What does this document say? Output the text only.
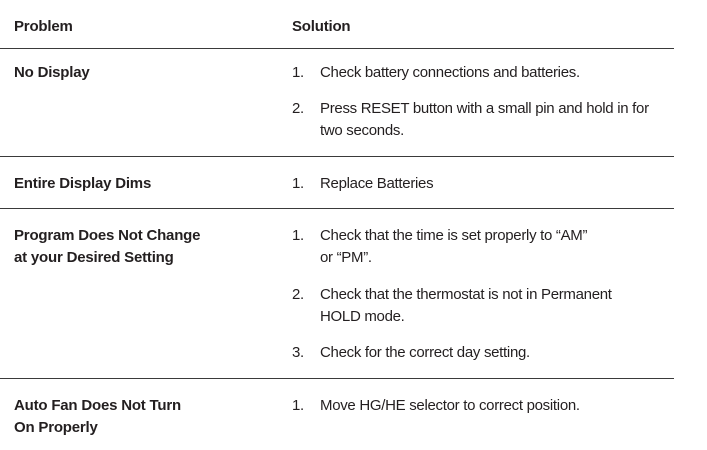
Problem	Solution
No Display	1.	Check battery connections and batteries.
2.	Press RESET button with a small pin and hold in for
two seconds.
Entire Display Dims	1.	Replace Batteries
Program Does Not Change
at your Desired Setting
1.	Check that the time is set properly to “AM”
or “PM”.
2.	Check that the thermostat is not in Permanent
HOLD mode.
3.	Check for the correct day setting.
Auto Fan Does Not Turn
On Properly
1.	Move HG/HE selector to correct position.
